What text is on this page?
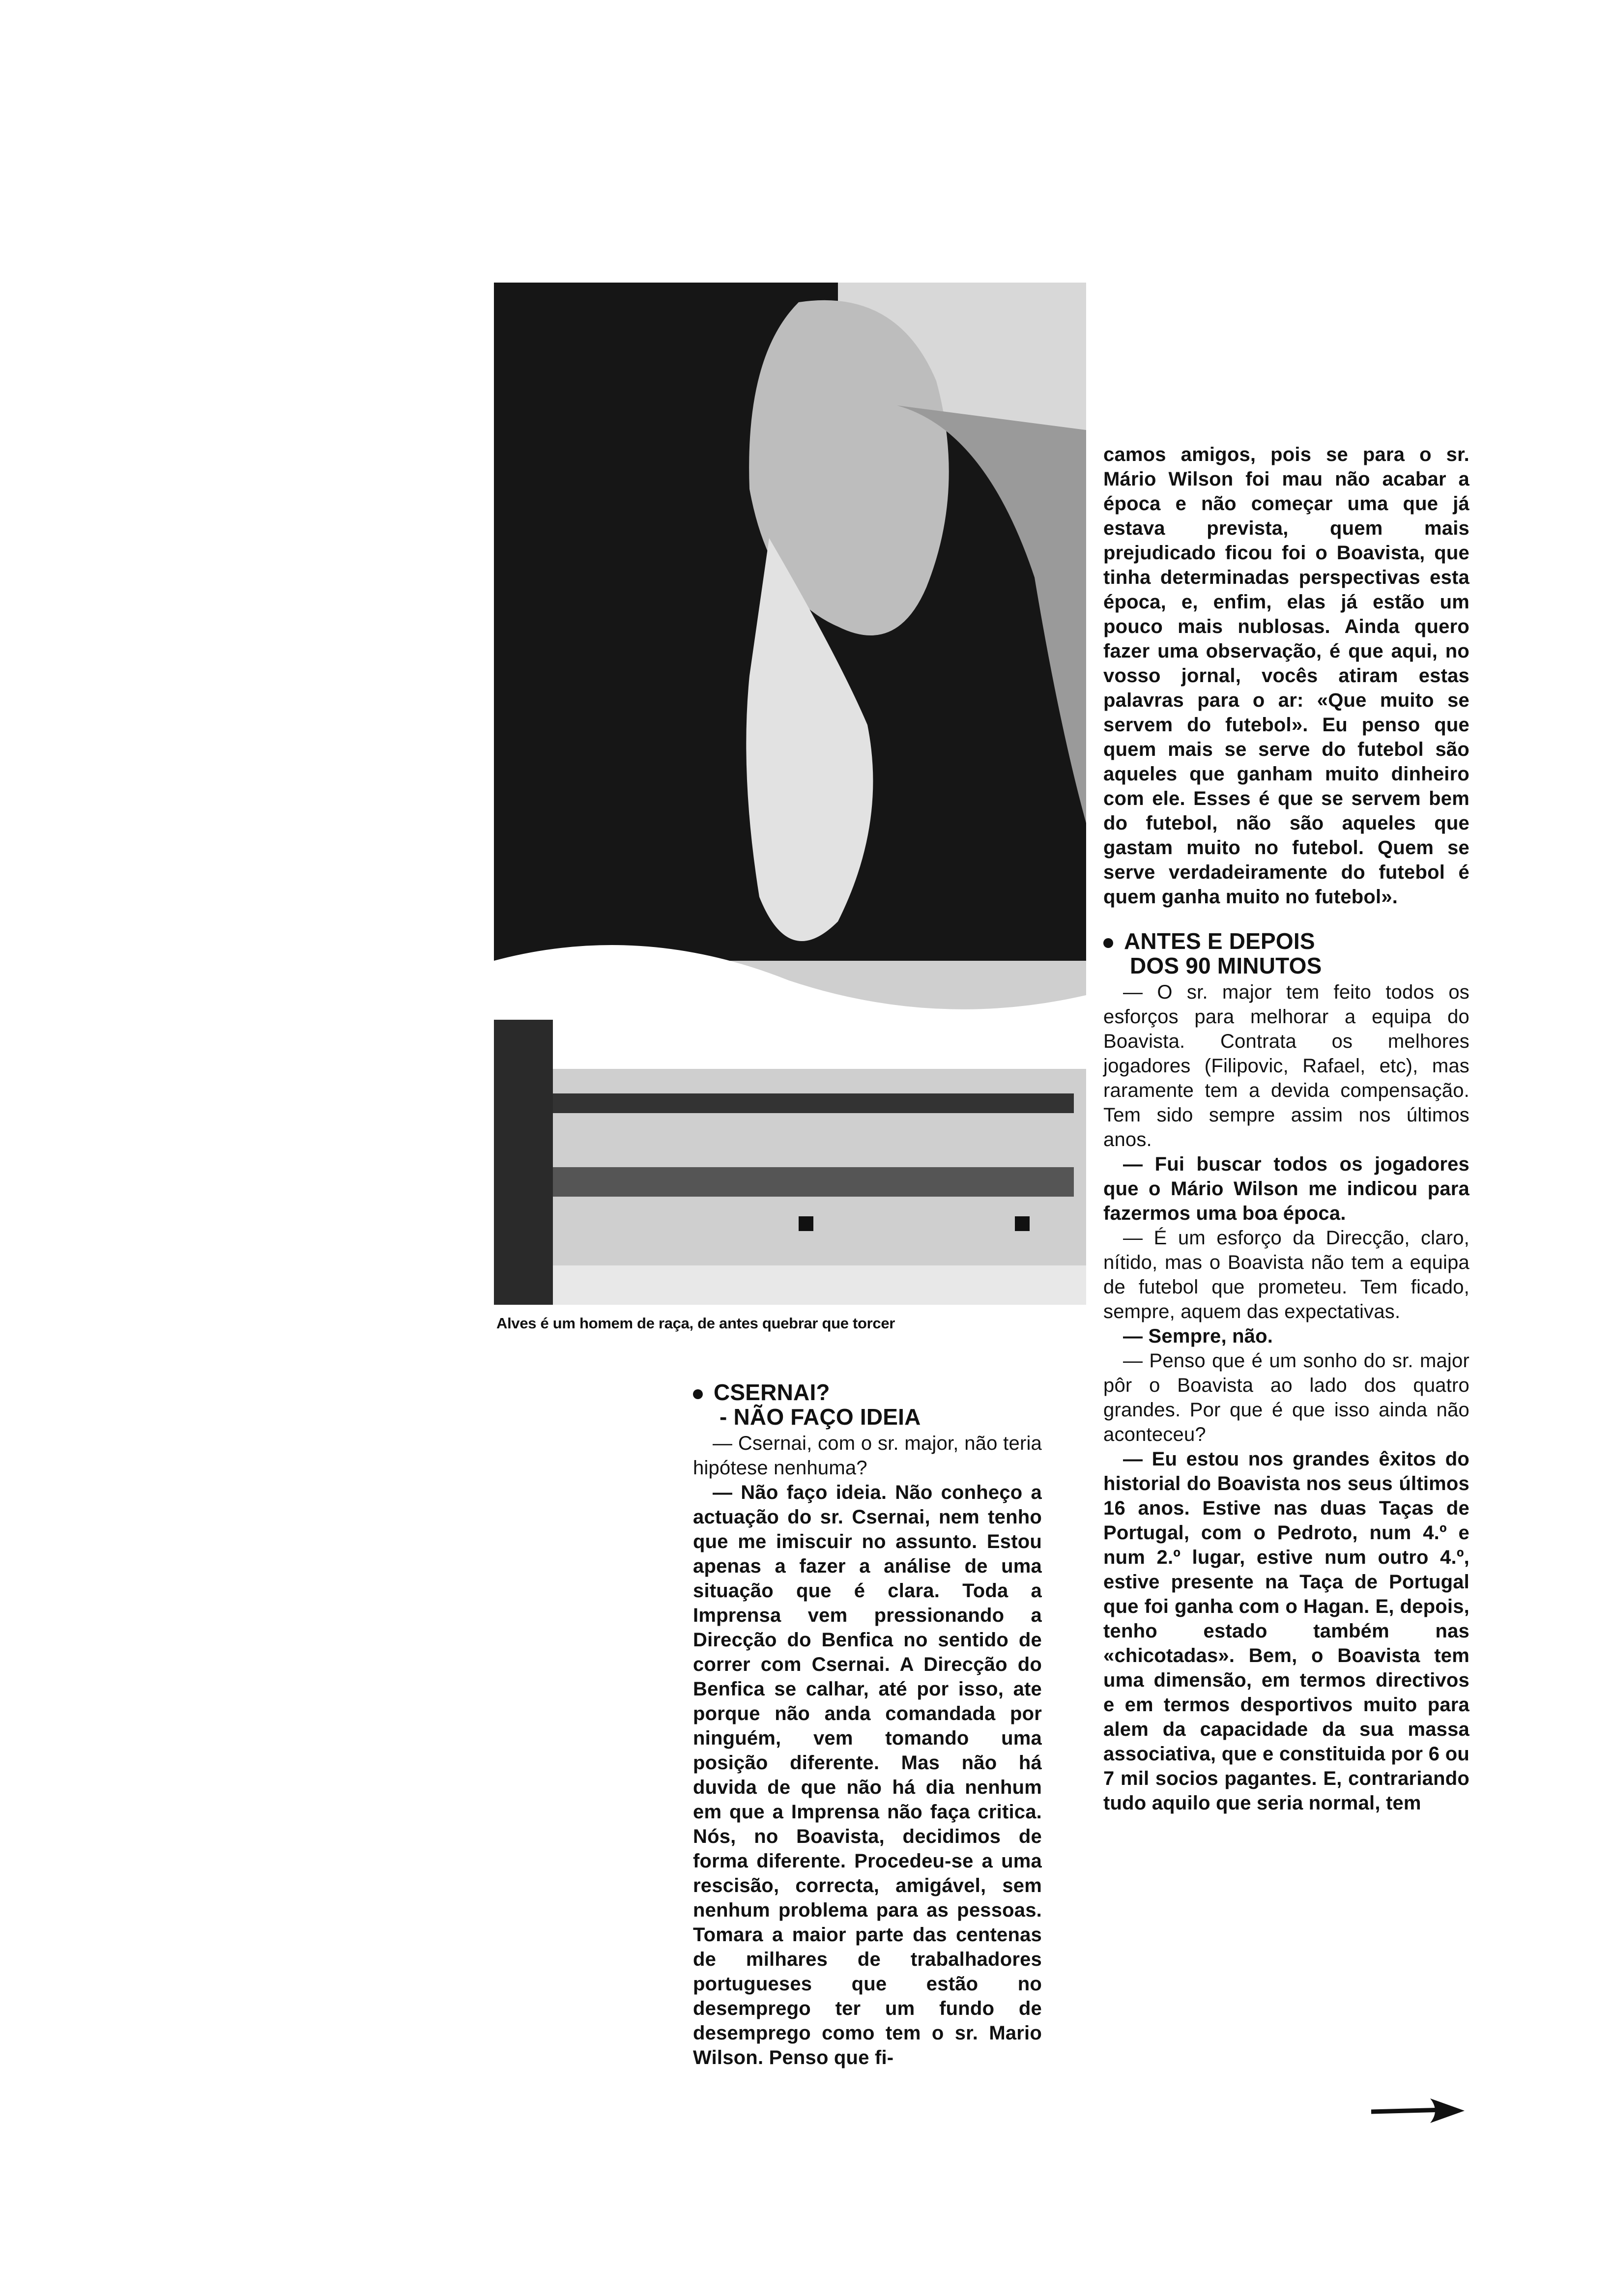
Alves é um homem de raça, de antes quebrar que torcer
CSERNAI?
- NÃO FAÇO IDEIA

— Csernai, com o sr. major, não teria hipótese nenhuma?

— Não faço ideia. Não conheço a actuação do sr. Csernai, nem tenho que me imiscuir no assunto. Estou apenas a fazer a análise de uma situação que é clara. Toda a Imprensa vem pressionando a Direcção do Benfica no sentido de correr com Csernai. A Direcção do Benfica se calhar, até por isso, ate porque não anda comandada por ninguém, vem tomando uma posição diferente. Mas não há duvida de que não há dia nenhum em que a Imprensa não faça critica. Nós, no Boavista, decidimos de forma diferente. Procedeu-se a uma rescisão, correcta, amigável, sem nenhum problema para as pessoas. Tomara a maior parte das centenas de milhares de trabalhadores portugueses que estão no desemprego ter um fundo de desemprego como tem o sr. Mario Wilson. Penso que fi-

camos amigos, pois se para o sr. Mário Wilson foi mau não acabar a época e não começar uma que já estava prevista, quem mais prejudicado ficou foi o Boavista, que tinha determinadas perspectivas esta época, e, enfim, elas já estão um pouco mais nublosas. Ainda quero fazer uma observação, é que aqui, no vosso jornal, vocês atiram estas palavras para o ar: «Que muito se servem do futebol». Eu penso que quem mais se serve do futebol são aqueles que ganham muito dinheiro com ele. Esses é que se servem bem do futebol, não são aqueles que gastam muito no futebol. Quem se serve verdadeiramente do futebol é quem ganha muito no futebol».

ANTES E DEPOIS
DOS 90 MINUTOS

— O sr. major tem feito todos os esforços para melhorar a equipa do Boavista. Contrata os melhores jogadores (Filipovic, Rafael, etc), mas raramente tem a devida compensação. Tem sido sempre assim nos últimos anos.

— Fui buscar todos os jogadores que o Mário Wilson me indicou para fazermos uma boa época.

— É um esforço da Direcção, claro, nítido, mas o Boavista não tem a equipa de futebol que prometeu. Tem ficado, sempre, aquem das expectativas.

— Sempre, não.

— Penso que é um sonho do sr. major pôr o Boavista ao lado dos quatro grandes. Por que é que isso ainda não aconteceu?

— Eu estou nos grandes êxitos do historial do Boavista nos seus últimos 16 anos. Estive nas duas Taças de Portugal, com o Pedroto, num 4.º e num 2.º lugar, estive num outro 4.º, estive presente na Taça de Portugal que foi ganha com o Hagan. E, depois, tenho estado também nas «chicotadas». Bem, o Boavista tem uma dimensão, em termos directivos e em termos desportivos muito para alem da capacidade da sua massa associativa, que e constituida por 6 ou 7 mil socios pagantes. E, contrariando tudo aquilo que seria normal, tem
